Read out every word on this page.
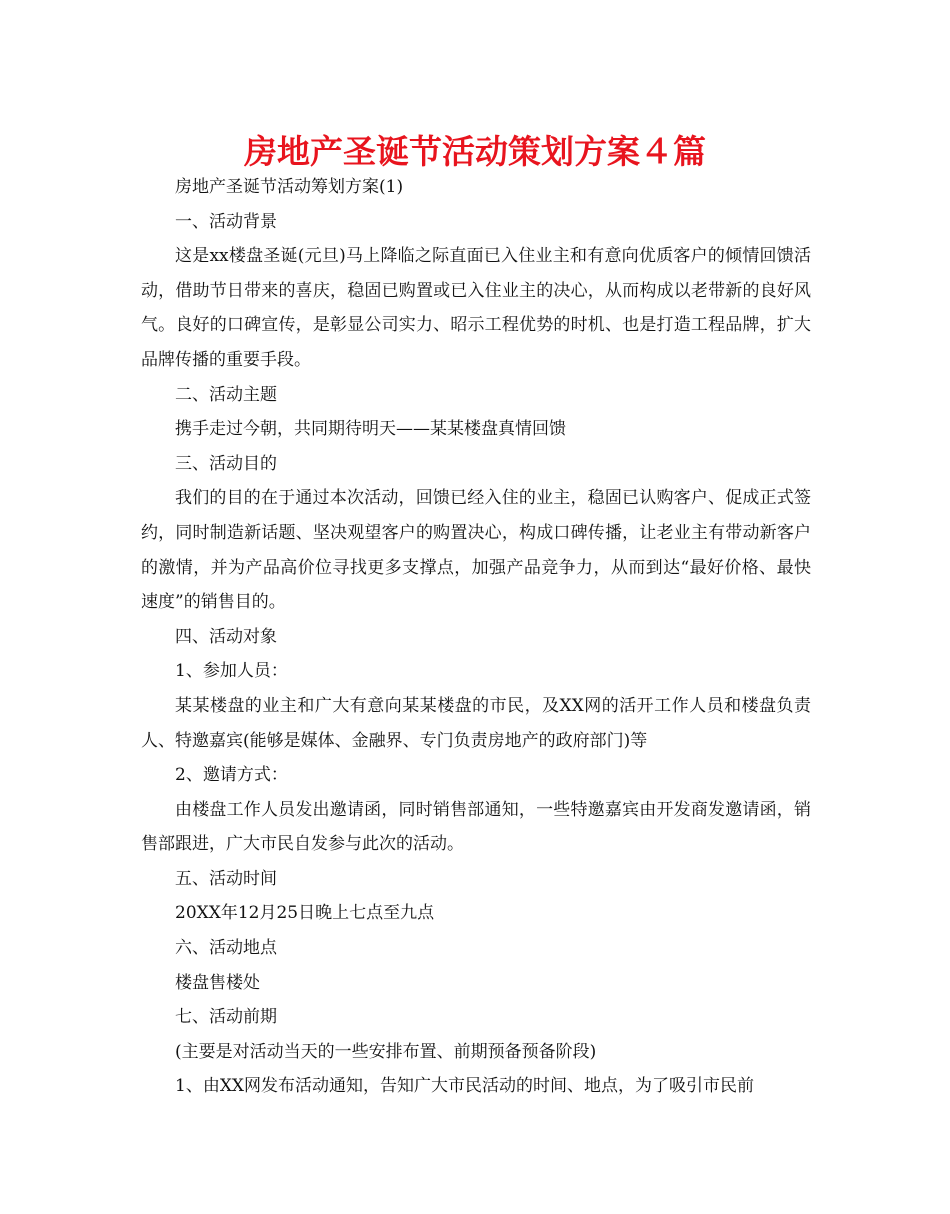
房地产圣诞节活动策划方案４篇

房地产圣诞节活动筹划方案(1)

一、活动背景

这是xx楼盘圣诞(元旦)马上降临之际直面已入住业主和有意向优质客户的倾情回馈活动，借助节日带来的喜庆，稳固已购置或已入住业主的决心，从而构成以老带新的良好风气。良好的口碑宣传，是彰显公司实力、昭示工程优势的时机、也是打造工程品牌，扩大品牌传播的重要手段。

二、活动主题

携手走过今朝，共同期待明天——某某楼盘真情回馈

三、活动目的

我们的目的在于通过本次活动，回馈已经入住的业主，稳固已认购客户、促成正式签约，同时制造新话题、坚决观望客户的购置决心，构成口碑传播，让老业主有带动新客户的激情，并为产品高价位寻找更多支撑点，加强产品竞争力，从而到达“最好价格、最快速度”的销售目的。

四、活动对象

1、参加人员：

某某楼盘的业主和广大有意向某某楼盘的市民，及XX网的活开工作人员和楼盘负责人、特邀嘉宾(能够是媒体、金融界、专门负责房地产的政府部门)等

2、邀请方式：

由楼盘工作人员发出邀请函，同时销售部通知，一些特邀嘉宾由开发商发邀请函，销售部跟进，广大市民自发参与此次的活动。

五、活动时间

20XX年12月25日晚上七点至九点

六、活动地点

楼盘售楼处

七、活动前期

(主要是对活动当天的一些安排布置、前期预备预备阶段)

1、由XX网发布活动通知，告知广大市民活动的时间、地点，为了吸引市民前
